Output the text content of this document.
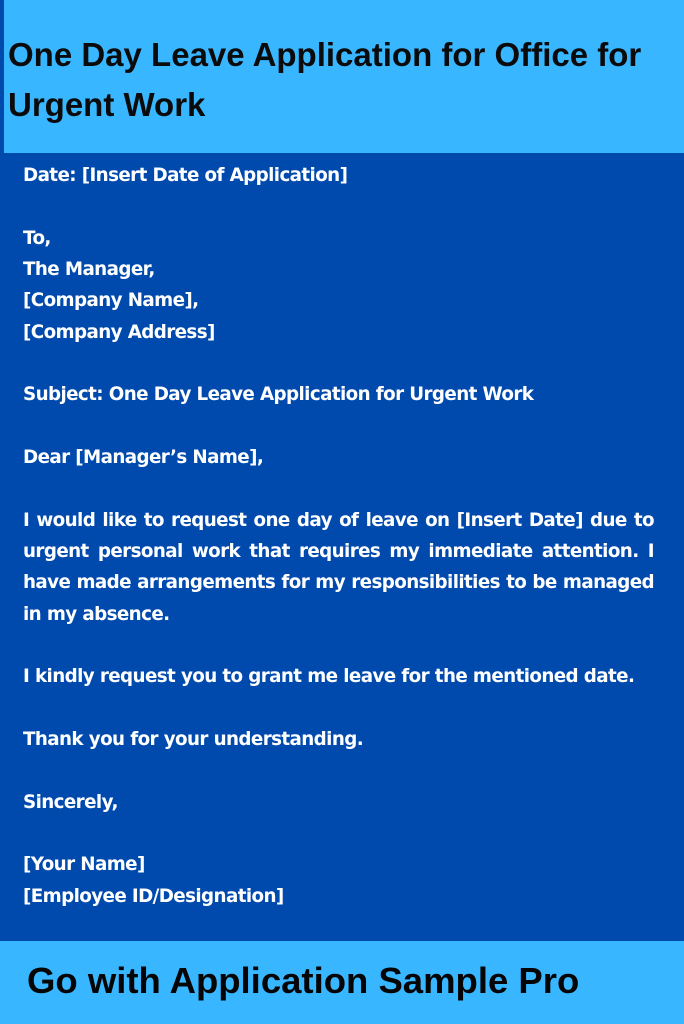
One Day Leave Application for Office for Urgent Work
Date: [Insert Date of Application]
To,
The Manager,
[Company Name],
[Company Address]
Subject: One Day Leave Application for Urgent Work
Dear [Manager’s Name],
I would like to request one day of leave on [Insert Date] due to urgent personal work that requires my immediate attention. I have made arrangements for my responsibilities to be managed in my absence.
I kindly request you to grant me leave for the mentioned date.
Thank you for your understanding.
Sincerely,
[Your Name]
[Employee ID/Designation]

Go with Application Sample Pro
